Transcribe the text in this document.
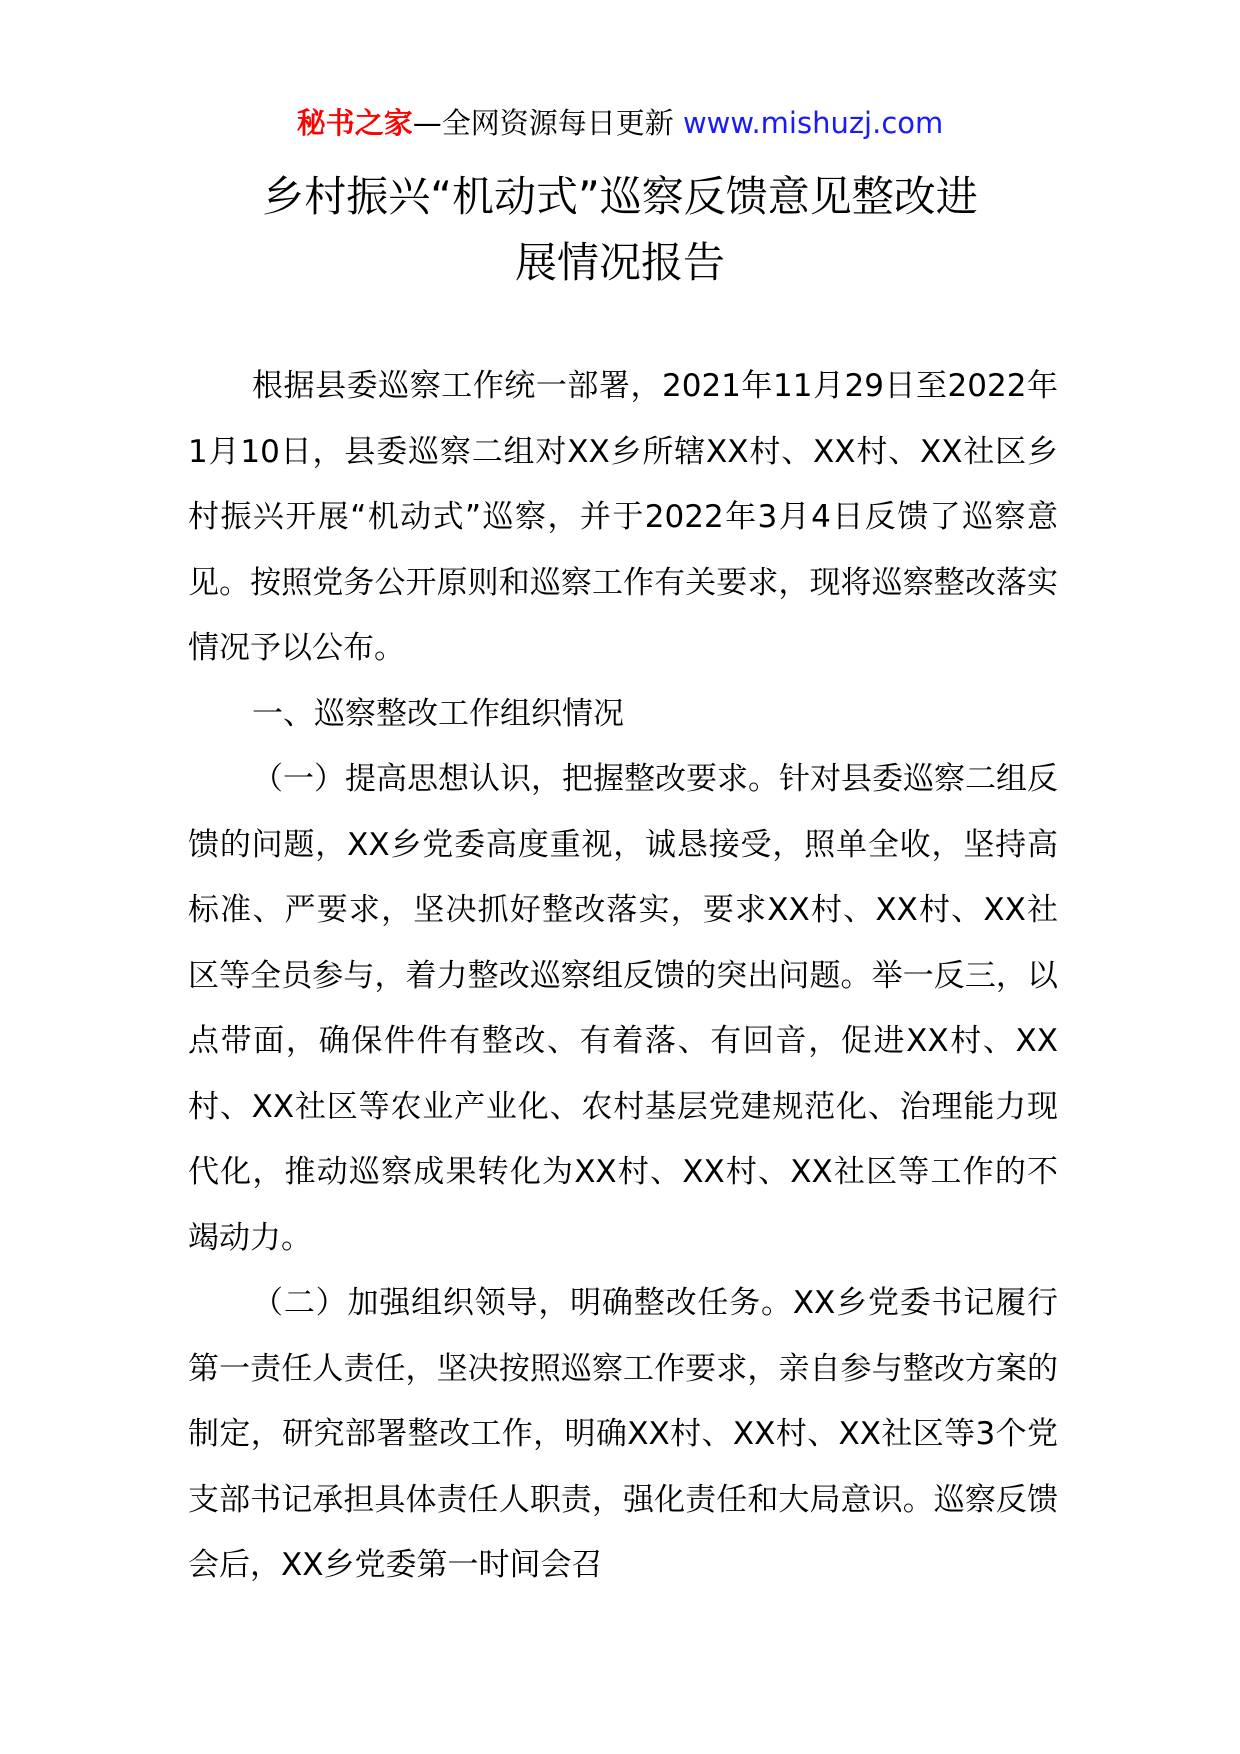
秘书之家—全网资源每日更新 www.mishuzj.com
乡村振兴“机动式”巡察反馈意见整改进
展情况报告

根据县委巡察工作统一部署，2021年11月29日至2022年1月10日，县委巡察二组对XX乡所辖XX村、XX村、XX社区乡村振兴开展“机动式”巡察，并于2022年3月4日反馈了巡察意见。按照党务公开原则和巡察工作有关要求，现将巡察整改落实情况予以公布。

一、巡察整改工作组织情况

（一）提高思想认识，把握整改要求。针对县委巡察二组反馈的问题，XX乡党委高度重视，诚恳接受，照单全收，坚持高标准、严要求，坚决抓好整改落实，要求XX村、XX村、XX社区等全员参与，着力整改巡察组反馈的突出问题。举一反三，以点带面，确保件件有整改、有着落、有回音，促进XX村、XX村、XX社区等农业产业化、农村基层党建规范化、治理能力现代化，推动巡察成果转化为XX村、XX村、XX社区等工作的不竭动力。

（二）加强组织领导，明确整改任务。XX乡党委书记履行第一责任人责任，坚决按照巡察工作要求，亲自参与整改方案的制定，研究部署整改工作，明确XX村、XX村、XX社区等3个党支部书记承担具体责任人职责，强化责任和大局意识。巡察反馈会后，XX乡党委第一时间会召
